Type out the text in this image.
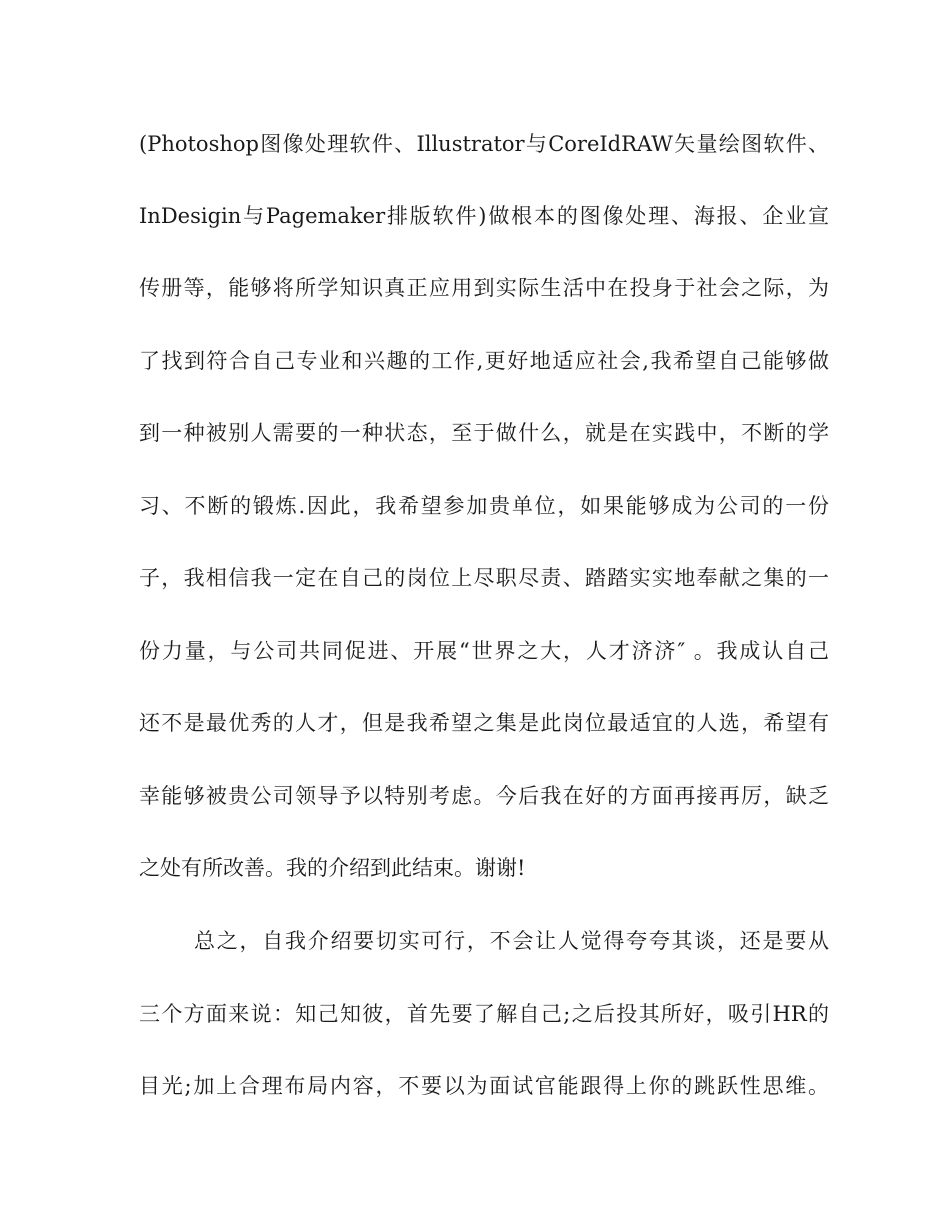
(Photoshop图像处理软件、Illustrator与CoreIdRAW矢量绘图软件、
InDesigin与Pagemaker排版软件)做根本的图像处理、海报、企业宣
传册等，能够将所学知识真正应用到实际生活中在投身于社会之际，为
了找到符合自己专业和兴趣的工作,更好地适应社会,我希望自己能够做
到一种被别人需要的一种状态，至于做什么，就是在实践中，不断的学
习、不断的锻炼.因此，我希望参加贵单位，如果能够成为公司的一份
子，我相信我一定在自己的岗位上尽职尽责、踏踏实实地奉献之集的一
份力量，与公司共同促进、开展“世界之大，人才济济″ 。我成认自己
还不是最优秀的人才，但是我希望之集是此岗位最适宜的人选，希望有
幸能够被贵公司领导予以特别考虑。今后我在好的方面再接再厉，缺乏
之处有所改善。我的介绍到此结束。谢谢!
总之，自我介绍要切实可行，不会让人觉得夸夸其谈，还是要从
三个方面来说：知己知彼，首先要了解自己;之后投其所好，吸引HR的
目光;加上合理布局内容，不要以为面试官能跟得上你的跳跃性思维。
